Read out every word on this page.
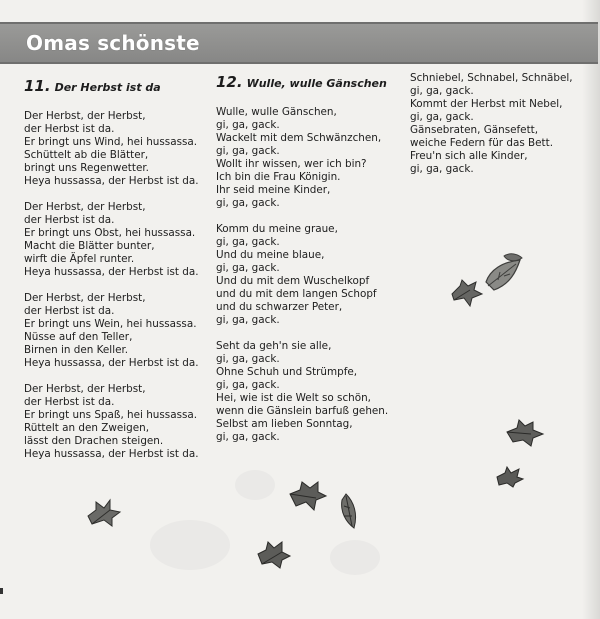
Omas schönste
11. Der Herbst ist da
Der Herbst, der Herbst,
der Herbst ist da.
Er bringt uns Wind, hei hussassa.
Schüttelt ab die Blätter,
bringt uns Regenwetter.
Heya hussassa, der Herbst ist da.
Der Herbst, der Herbst,
der Herbst ist da.
Er bringt uns Obst, hei hussassa.
Macht die Blätter bunter,
wirft die Äpfel runter.
Heya hussassa, der Herbst ist da.
Der Herbst, der Herbst,
der Herbst ist da.
Er bringt uns Wein, hei hussassa.
Nüsse auf den Teller,
Birnen in den Keller.
Heya hussassa, der Herbst ist da.
Der Herbst, der Herbst,
der Herbst ist da.
Er bringt uns Spaß, hei hussassa.
Rüttelt an den Zweigen,
lässt den Drachen steigen.
Heya hussassa, der Herbst ist da.
12. Wulle, wulle Gänschen
Wulle, wulle Gänschen,
gi, ga, gack.
Wackelt mit dem Schwänzchen,
gi, ga, gack.
Wollt ihr wissen, wer ich bin?
Ich bin die Frau Königin.
Ihr seid meine Kinder,
gi, ga, gack.
Komm du meine graue,
gi, ga, gack.
Und du meine blaue,
gi, ga, gack.
Und du mit dem Wuschelkopf
und du mit dem langen Schopf
und du schwarzer Peter,
gi, ga, gack.
Seht da geh'n sie alle,
gi, ga, gack.
Ohne Schuh und Strümpfe,
gi, ga, gack.
Hei, wie ist die Welt so schön,
wenn die Gänslein barfuß gehen.
Selbst am lieben Sonntag,
gi, ga, gack.
Schniebel, Schnabel, Schnäbel,
gi, ga, gack.
Kommt der Herbst mit Nebel,
gi, ga, gack.
Gänsebraten, Gänsefett,
weiche Federn für das Bett.
Freu'n sich alle Kinder,
gi, ga, gack.
